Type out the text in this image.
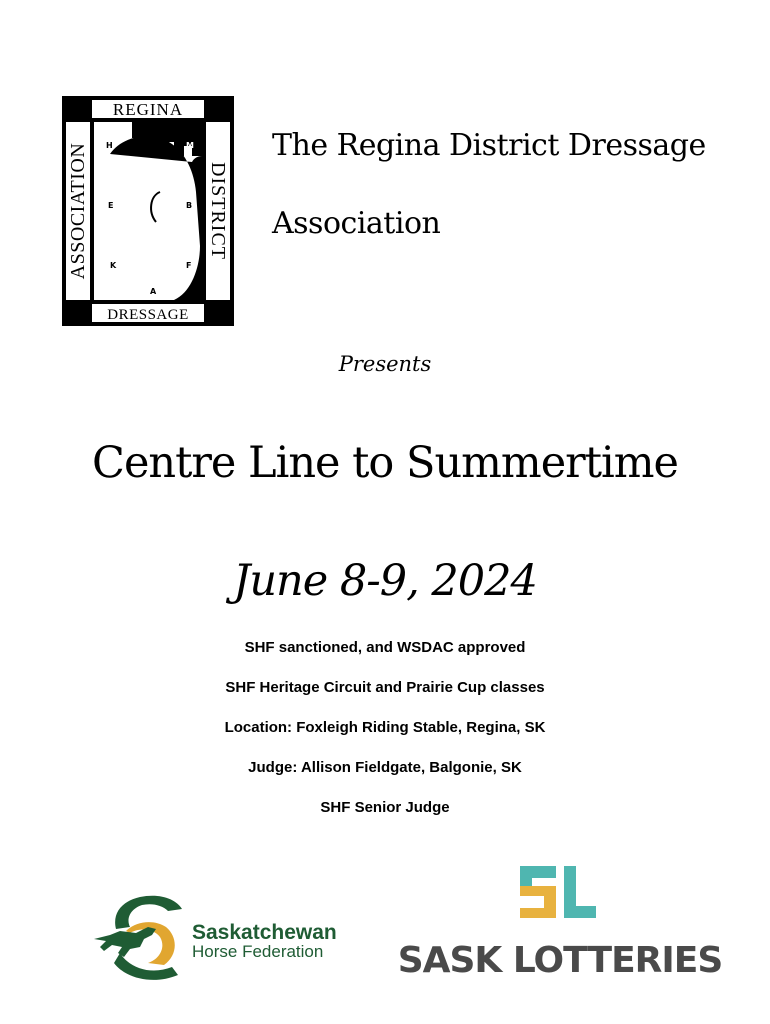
REGINA
DRESSAGE
ASSOCIATION	DISTRICT
C
H	M
E	B
K	F
A
The Regina District Dressage
Association
Presents
Centre Line to Summertime
June 8-9, 2024
SHF sanctioned, and WSDAC approved
SHF Heritage Circuit and Prairie Cup classes
Location: Foxleigh Riding Stable, Regina, SK
Judge: Allison Fieldgate, Balgonie, SK
SHF Senior Judge
Saskatchewan
Horse Federation SASK LOTTERIES
